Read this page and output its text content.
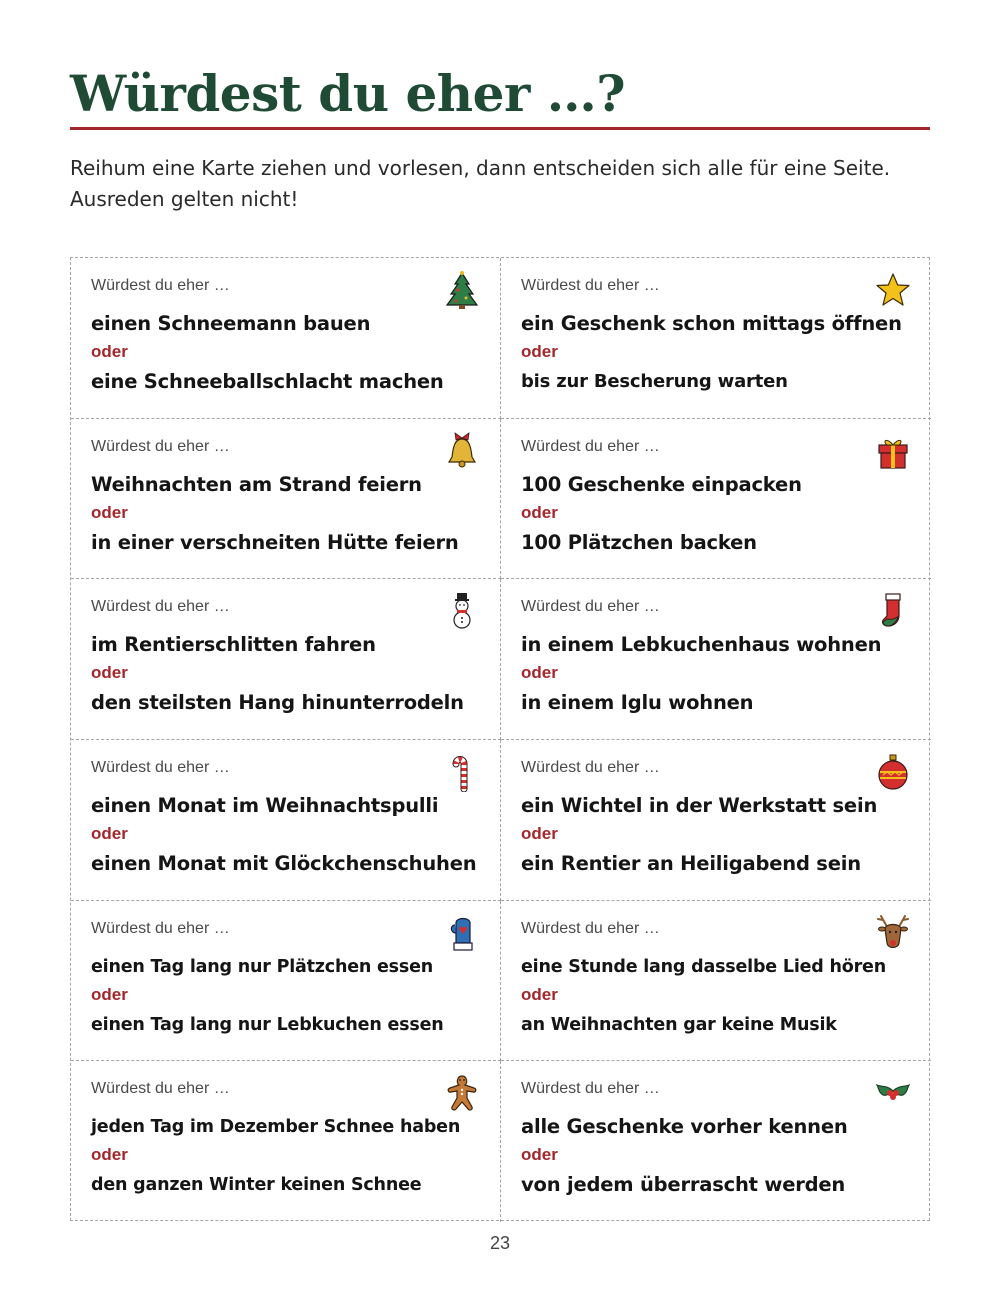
Würdest du eher …?

Reihum eine Karte ziehen und vorlesen, dann entscheiden sich alle für eine Seite. Ausreden gelten nicht!

Würdest du eher …
einen Schneemann bauen
oder
eine Schneeballschlacht machen
Würdest du eher …
ein Geschenk schon mittags öffnen
oder
bis zur Bescherung warten
Würdest du eher …
Weihnachten am Strand feiern
oder
in einer verschneiten Hütte feiern
Würdest du eher …
100 Geschenke einpacken
oder
100 Plätzchen backen
Würdest du eher …
im Rentierschlitten fahren
oder
den steilsten Hang hinunterrodeln
Würdest du eher …
in einem Lebkuchenhaus wohnen
oder
in einem Iglu wohnen
Würdest du eher …
einen Monat im Weihnachtspulli
oder
einen Monat mit Glöckchenschuhen
Würdest du eher …
ein Wichtel in der Werkstatt sein
oder
ein Rentier an Heiligabend sein
Würdest du eher …
einen Tag lang nur Plätzchen essen
oder
einen Tag lang nur Lebkuchen essen
Würdest du eher …
eine Stunde lang dasselbe Lied hören
oder
an Weihnachten gar keine Musik
Würdest du eher …
jeden Tag im Dezember Schnee haben
oder
den ganzen Winter keinen Schnee
Würdest du eher …
alle Geschenke vorher kennen
oder
von jedem überrascht werden
23
